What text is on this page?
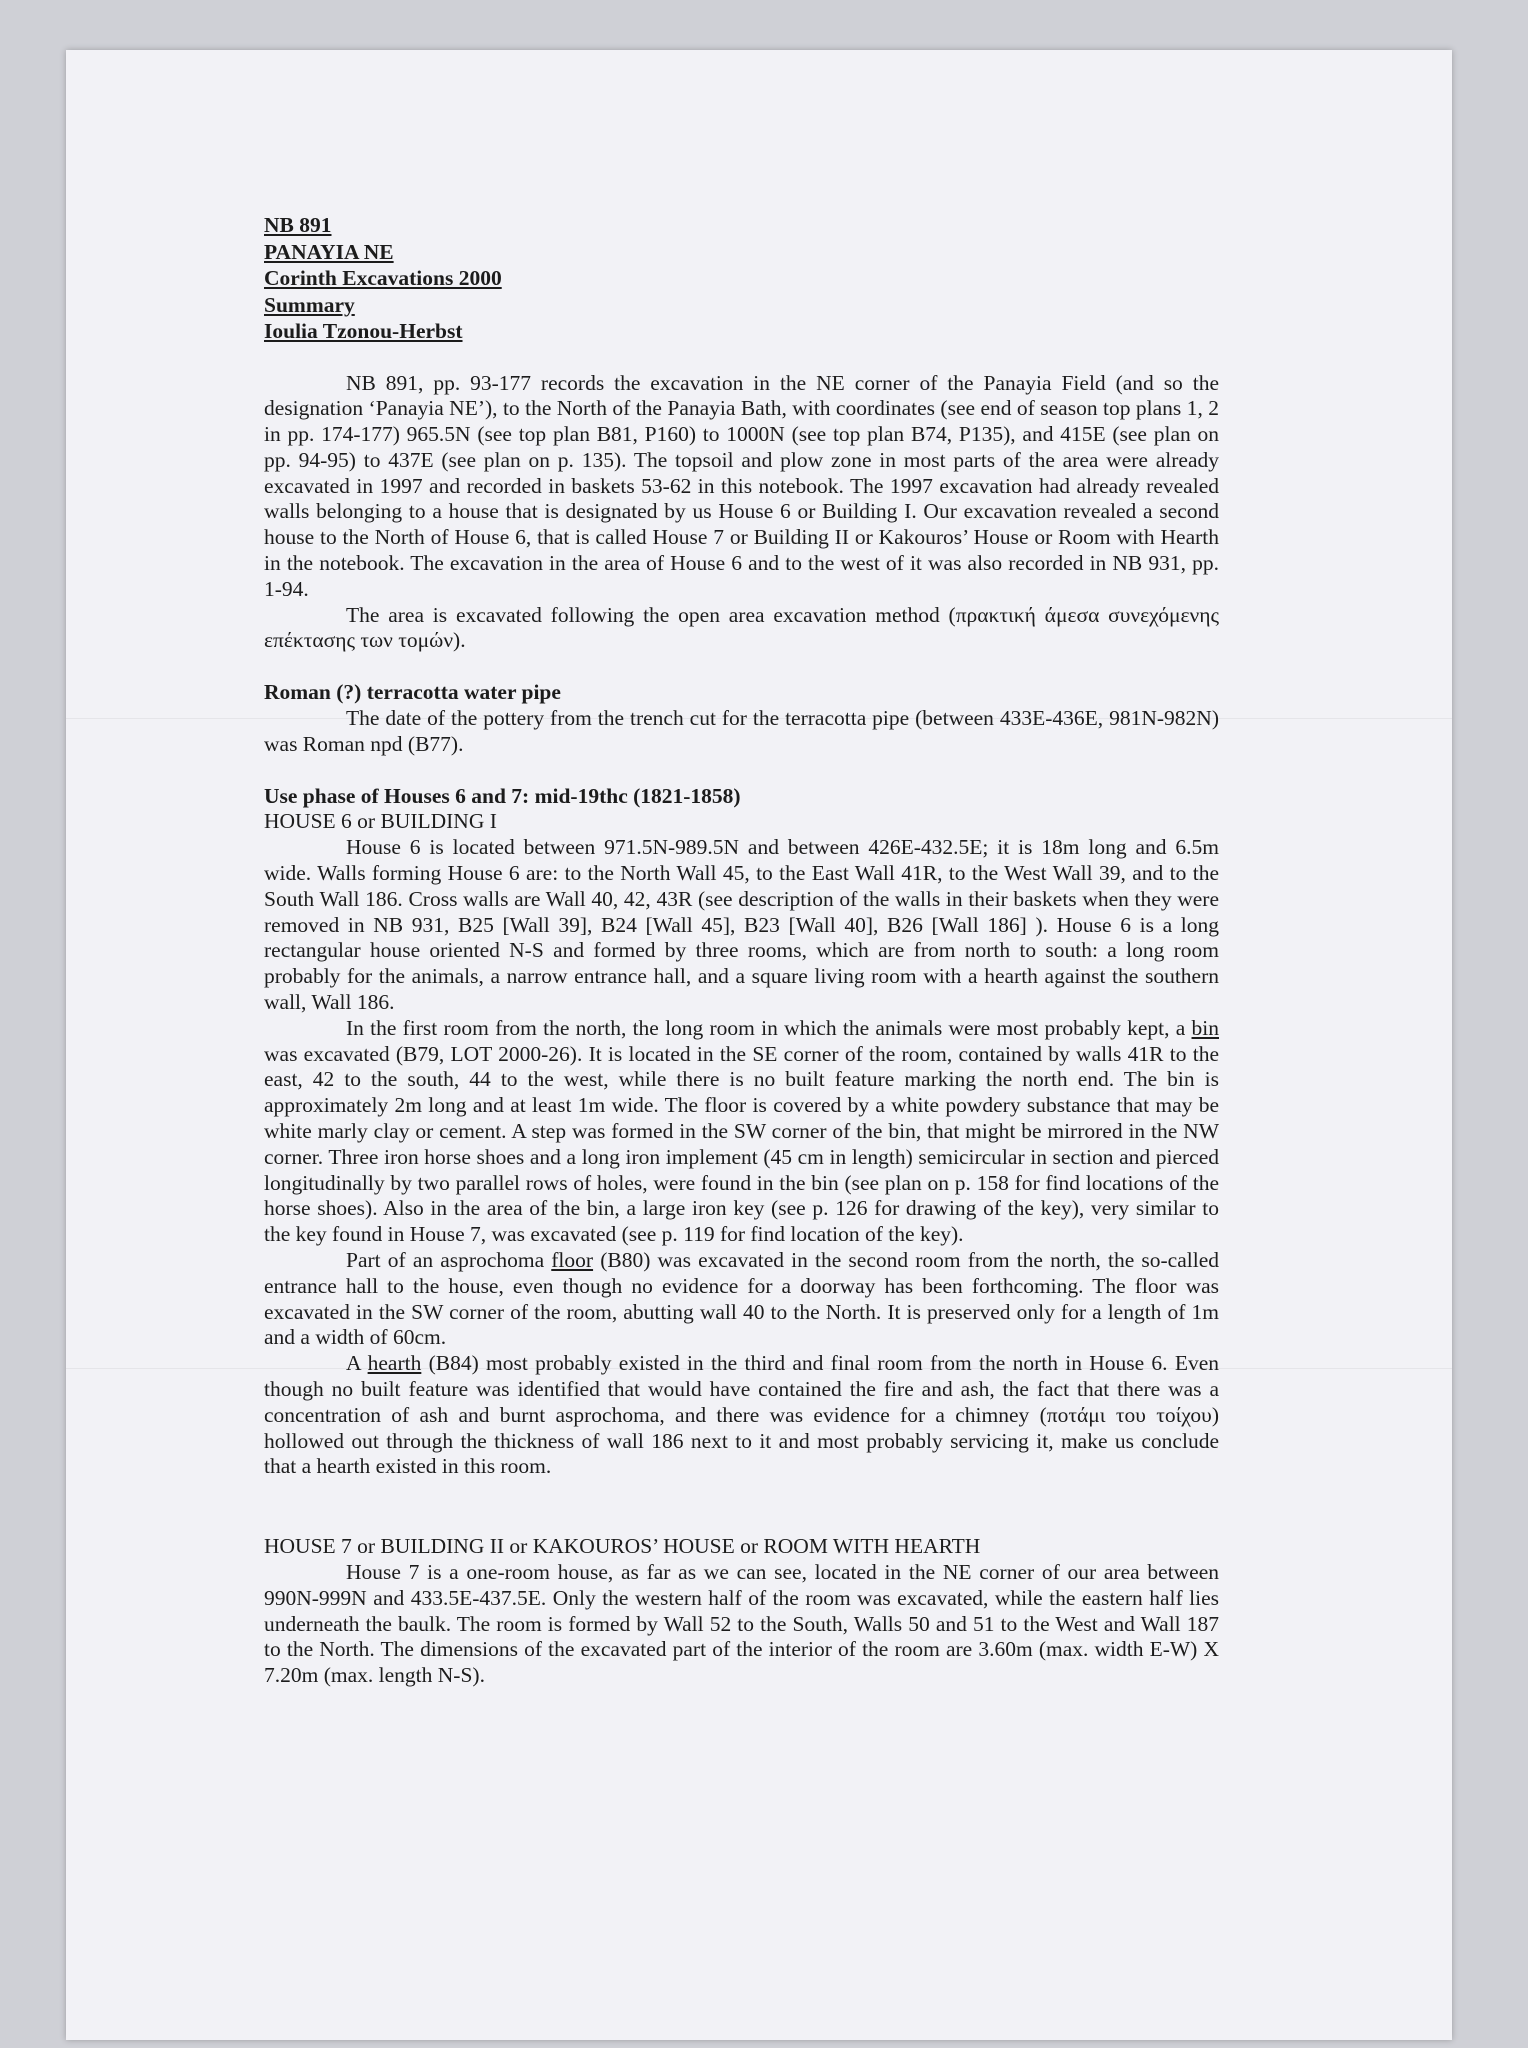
NB 891
PANAYIA NE
Corinth Excavations 2000
Summary
Ioulia Tzonou-Herbst

NB 891, pp. 93-177 records the excavation in the NE corner of the Panayia Field (and so the designation ‘Panayia NE’), to the North of the Panayia Bath, with coordinates (see end of season top plans 1, 2 in pp. 174-177) 965.5N (see top plan B81, P160) to 1000N (see top plan B74, P135), and 415E (see plan on pp. 94-95) to 437E (see plan on p. 135). The topsoil and plow zone in most parts of the area were already excavated in 1997 and recorded in baskets 53-62 in this notebook. The 1997 excavation had already revealed walls belonging to a house that is designated by us House 6 or Building I. Our excavation revealed a second house to the North of House 6, that is called House 7 or Building II or Kakouros’ House or Room with Hearth in the notebook. The excavation in the area of House 6 and to the west of it was also recorded in NB 931, pp. 1-94.

The area is excavated following the open area excavation method (πρακτική άμεσα συνεχόμενης επέκτασης των τομών).

Roman (?) terracotta water pipe

The date of the pottery from the trench cut for the terracotta pipe (between 433E-436E, 981N-982N) was Roman npd (B77).

Use phase of Houses 6 and 7: mid-19thc (1821-1858)
HOUSE 6 or BUILDING I

House 6 is located between 971.5N-989.5N and between 426E-432.5E; it is 18m long and 6.5m wide. Walls forming House 6 are: to the North Wall 45, to the East Wall 41R, to the West Wall 39, and to the South Wall 186. Cross walls are Wall 40, 42, 43R (see description of the walls in their baskets when they were removed in NB 931, B25 [Wall 39], B24 [Wall 45], B23 [Wall 40], B26 [Wall 186] ). House 6 is a long rectangular house oriented N-S and formed by three rooms, which are from north to south: a long room probably for the animals, a narrow entrance hall, and a square living room with a hearth against the southern wall, Wall 186.

In the first room from the north, the long room in which the animals were most probably kept, a bin was excavated (B79, LOT 2000-26). It is located in the SE corner of the room, contained by walls 41R to the east, 42 to the south, 44 to the west, while there is no built feature marking the north end. The bin is approximately 2m long and at least 1m wide. The floor is covered by a white powdery substance that may be white marly clay or cement. A step was formed in the SW corner of the bin, that might be mirrored in the NW corner. Three iron horse shoes and a long iron implement (45 cm in length) semicircular in section and pierced longitudinally by two parallel rows of holes, were found in the bin (see plan on p. 158 for find locations of the horse shoes). Also in the area of the bin, a large iron key (see p. 126 for drawing of the key), very similar to the key found in House 7, was excavated (see p. 119 for find location of the key).

Part of an asprochoma floor (B80) was excavated in the second room from the north, the so-called entrance hall to the house, even though no evidence for a doorway has been forthcoming. The floor was excavated in the SW corner of the room, abutting wall 40 to the North. It is preserved only for a length of 1m and a width of 60cm.

A hearth (B84) most probably existed in the third and final room from the north in House 6. Even though no built feature was identified that would have contained the fire and ash, the fact that there was a concentration of ash and burnt asprochoma, and there was evidence for a chimney (ποτάμι του τοίχου) hollowed out through the thickness of wall 186 next to it and most probably servicing it, make us conclude that a hearth existed in this room.

HOUSE 7 or BUILDING II or KAKOUROS’ HOUSE or ROOM WITH HEARTH

House 7 is a one-room house, as far as we can see, located in the NE corner of our area between 990N-999N and 433.5E-437.5E. Only the western half of the room was excavated, while the eastern half lies underneath the baulk. The room is formed by Wall 52 to the South, Walls 50 and 51 to the West and Wall 187 to the North. The dimensions of the excavated part of the interior of the room are 3.60m (max. width E-W) X 7.20m (max. length N-S).
